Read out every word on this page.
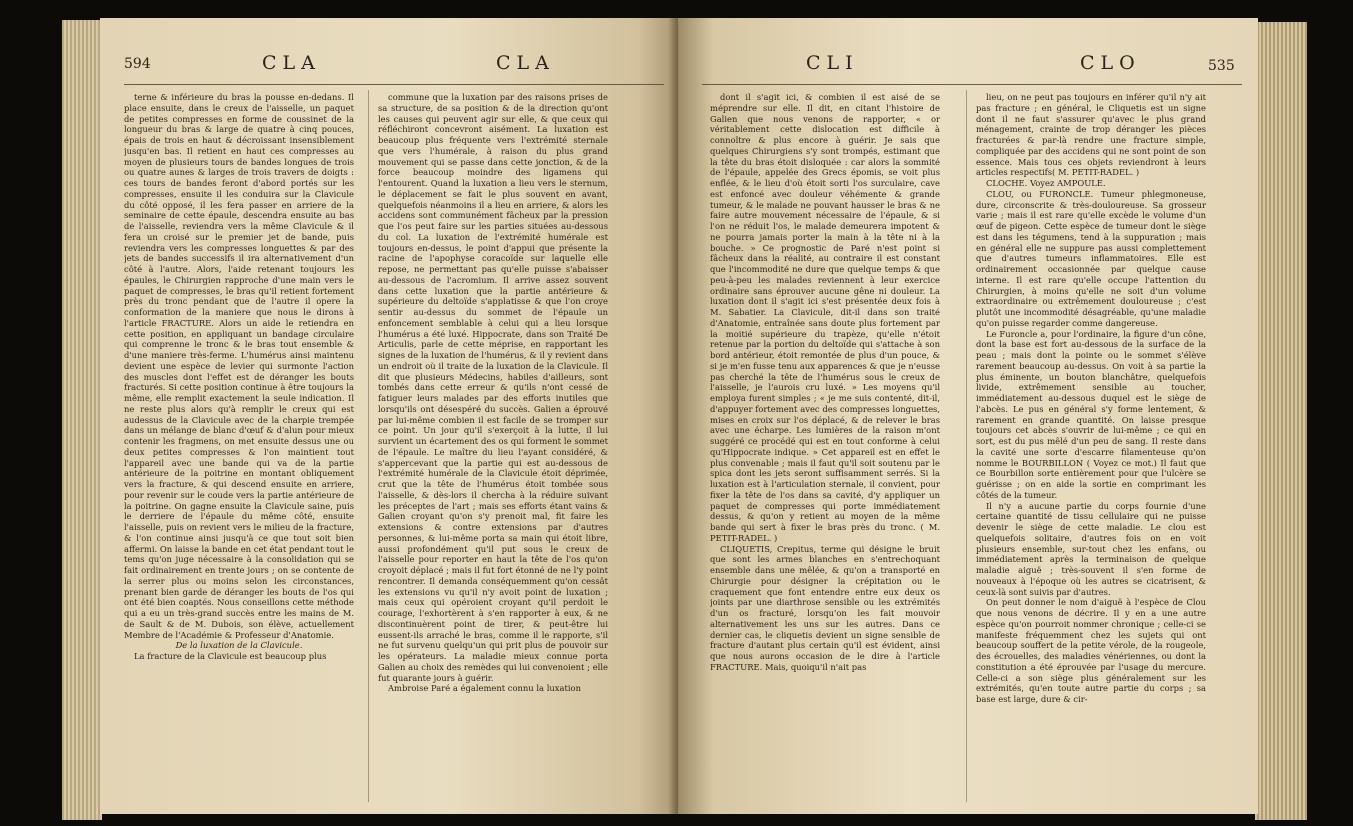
594	CLA	CLA

terne & inférieure du bras la pousse en-dedans. Il place ensuite, dans le creux de l'aisselle, un paquet de petites compresses en forme de coussinet de la longueur du bras & large de quatre à cinq pouces, épais de trois en haut & décroissant insensiblement jusqu'en bas. Il retient en haut ces compresses au moyen de plusieurs tours de bandes longues de trois ou quatre aunes & larges de trois travers de doigts : ces tours de bandes feront d'abord portés sur les compresses, ensuite il les conduira sur la Clavicule du côté opposé, il les fera passer en arriere de la seminaire de cette épaule, descendra ensuite au bas de l'aisselle, reviendra vers la même Clavicule & il fera un croisé sur le premier jet de bande, puis reviendra vers les compresses longuettes & par des jets de bandes successifs il ira alternativement d'un côté à l'autre. Alors, l'aide retenant toujours les épaules, le Chirurgien rapproche d'une main vers le paquet de compresses, le bras qu'il retient fortement près du tronc pendant que de l'autre il opere la conformation de la maniere que nous le dirons à l'article FRACTURE. Alors un aide le retiendra en cette position, en appliquant un bandage circulaire qui comprenne le tronc & le bras tout ensemble & d'une maniere très-ferme. L'humérus ainsi maintenu devient une espèce de levier qui surmonte l'action des muscles dont l'effet est de déranger les bouts fracturés. Si cette position continue à être toujours la même, elle remplit exactement la seule indication. Il ne reste plus alors qu'à remplir le creux qui est audessus de la Clavicule avec de la charpie trempée dans un mélange de blanc d'œuf & d'alun pour mieux contenir les fragmens, on met ensuite dessus une ou deux petites compresses & l'on maintient tout l'appareil avec une bande qui va de la partie antérieure de la poitrine en montant obliquement vers la fracture, & qui descend ensuite en arriere, pour revenir sur le coude vers la partie antérieure de la poitrine. On gagne ensuite la Clavicule saine, puis le derriere de l'épaule du même côté, ensuite l'aisselle, puis on revient vers le milieu de la fracture, & l'on continue ainsi jusqu'à ce que tout soit bien affermi. On laisse la bande en cet état pendant tout le tems qu'on juge nécessaire à la consolidation qui se fait ordinairement en trente jours ; on se contente de la serrer plus ou moins selon les circonstances, prenant bien garde de déranger les bouts de l'os qui ont été bien coaptés. Nous conseillons cette méthode qui a eu un très-grand succès entre les mains de M. de Sault & de M. Dubois, son élève, actuellement Membre de l'Académie & Professeur d'Anatomie.

De la luxation de la Clavicule.

La fracture de la Clavicule est beaucoup plus

commune que la luxation par des raisons prises de sa structure, de sa position & de la direction qu'ont les causes qui peuvent agir sur elle, & que ceux qui réfléchiront concevront aisément. La luxation est beaucoup plus fréquente vers l'extrémité sternale que vers l'humérale, à raison du plus grand mouvement qui se passe dans cette jonction, & de la force beaucoup moindre des ligamens qui l'entourent. Quand la luxation a lieu vers le sternum, le déplacement se fait le plus souvent en avant, quelquefois néanmoins il a lieu en arriere, & alors les accidens sont communément fâcheux par la pression que l'os peut faire sur les parties situées au-dessous du col. La luxation de l'extrémité humérale est toujours en-dessus, le point d'appui que présente la racine de l'apophyse coracoïde sur laquelle elle repose, ne permettant pas qu'elle puisse s'abaisser au-dessous de l'acromium. Il arrive assez souvent dans cette luxation que la partie antérieure & supérieure du deltoïde s'applatisse & que l'on croye sentir au-dessus du sommet de l'épaule un enfoncement semblable à celui qui a lieu lorsque l'humérus a été luxé. Hippocrate, dans son Traité De Articulis, parle de cette méprise, en rapportant les signes de la luxation de l'humérus, & il y revient dans un endroit où il traite de la luxation de la Clavicule. Il dit que plusieurs Médecins, habiles d'ailleurs, sont tombés dans cette erreur & qu'ils n'ont cessé de fatiguer leurs malades par des efforts inutiles que lorsqu'ils ont désespéré du succès. Galien a éprouvé par lui-même combien il est facile de se tromper sur ce point. Un jour qu'il s'exerçoit à la lutte, il lui survient un écartement des os qui forment le sommet de l'épaule. Le maître du lieu l'ayant considéré, & s'appercevant que la partie qui est au-dessous de l'extrémité humérale de la Clavicule étoit déprimée, crut que la tête de l'humérus étoit tombée sous l'aisselle, & dès-lors il chercha à la réduire suivant les préceptes de l'art ; mais ses efforts étant vains & Galien croyant qu'on s'y prenoit mal, fit faire les extensions & contre extensions par d'autres personnes, & lui-même porta sa main qui étoit libre, aussi profondément qu'il put sous le creux de l'aisselle pour reporter en haut la tête de l'os qu'on croyoit déplacé ; mais il fut fort étonné de ne l'y point rencontrer. Il demanda conséquemment qu'on cessât les extensions vu qu'il n'y avoit point de luxation ; mais ceux qui opéroient croyant qu'il perdoit le courage, l'exhortèrent à s'en rapporter à eux, & ne discontinuèrent point de tirer, & peut-être lui eussent-ils arraché le bras, comme il le rapporte, s'il ne fut survenu quelqu'un qui prit plus de pouvoir sur les opérateurs. La maladie mieux connue porta Galien au choix des remèdes qui lui convenoient ; elle fut quarante jours à guérir.

Ambroise Paré a également connu la luxation

CLI	CLO	535

dont il s'agit ici, & combien il est aisé de se méprendre sur elle. Il dit, en citant l'histoire de Galien que nous venons de rapporter, « or véritablement cette dislocation est difficile à connoître & plus encore à guérir. Je sais que quelques Chirurgiens s'y sont trompés, estimant que la tête du bras étoit disloquée : car alors la sommité de l'épaule, appelée des Grecs épomis, se voit plus enflée, & le lieu d'où étoit sorti l'os surculaire, cave est enfoncé avec douleur véhémente & grande tumeur, & le malade ne pouvant hausser le bras & ne faire autre mouvement nécessaire de l'épaule, & si l'on ne réduit l'os, le malade demeurera impotent & ne pourra jamais porter la main à la tête ni à la bouche. » Ce prognostic de Paré n'est point si fâcheux dans la réalité, au contraire il est constant que l'incommodité ne dure que quelque temps & que peu-à-peu les malades reviennent à leur exercice ordinaire sans éprouver aucune gêne ni douleur. La luxation dont il s'agit ici s'est présentée deux fois à M. Sabatier. La Clavicule, dit-il dans son traité d'Anatomie, entraînée sans doute plus fortement par la moitié supérieure du trapèze, qu'elle n'étoit retenue par la portion du deltoïde qui s'attache à son bord antérieur, étoit remontée de plus d'un pouce, & si je m'en fusse tenu aux apparences & que je n'eusse pas cherché la tête de l'humérus sous le creux de l'aisselle, je l'aurois cru luxé. » Les moyens qu'il employa furent simples ; « je me suis contenté, dit-il, d'appuyer fortement avec des compresses longuettes, mises en croix sur l'os déplacé, & de relever le bras avec une écharpe. Les lumières de la raison m'ont suggéré ce procédé qui est en tout conforme à celui qu'Hippocrate indique. » Cet appareil est en effet le plus convenable ; mais il faut qu'il soit soutenu par le spica dont les jets seront suffisamment serrés. Si la luxation est à l'articulation sternale, il convient, pour fixer la tête de l'os dans sa cavité, d'y appliquer un paquet de compresses qui porte immédiatement dessus, & qu'on y retient au moyen de la même bande qui sert à fixer le bras près du tronc. ( M. PETIT-RADEL. )

CLIQUETIS, Crepitus, terme qui désigne le bruit que sont les armes blanches en s'entrechoquant ensemble dans une mêlée, & qu'on a transporté en Chirurgie pour désigner la crépitation ou le craquement que font entendre entre eux deux os joints par une diarthrose sensible ou les extrémités d'un os fracturé, lorsqu'on les fait mouvoir alternativement les uns sur les autres. Dans ce dernier cas, le cliquetis devient un signe sensible de fracture d'autant plus certain qu'il est évident, ainsi que nous aurons occasion de le dire à l'article FRACTURE. Mais, quoiqu'il n'ait pas

lieu, on ne peut pas toujours en inférer qu'il n'y ait pas fracture ; en général, le Cliquetis est un signe dont il ne faut s'assurer qu'avec le plus grand ménagement, crainte de trop déranger les pièces fracturées & par-là rendre une fracture simple, compliquée par des accidens qui ne sont point de son essence. Mais tous ces objets reviendront à leurs articles respectifs( M. PETIT-RADEL. )

CLOCHE. Voyez AMPOULE.

CLOU, ou FURONCLE. Tumeur phlegmoneuse, dure, circonscrite & très-douloureuse. Sa grosseur varie ; mais il est rare qu'elle excède le volume d'un œuf de pigeon. Cette espèce de tumeur dont le siège est dans les tégumens, tend à la suppuration ; mais en général elle ne suppure pas aussi complettement que d'autres tumeurs inflammatoires. Elle est ordinairement occasionnée par quelque cause interne. Il est rare qu'elle occupe l'attention du Chirurgien, à moins qu'elle ne soit d'un volume extraordinaire ou extrêmement douloureuse ; c'est plutôt une incommodité désagréable, qu'une maladie qu'on puisse regarder comme dangereuse.

Le Furoncle a, pour l'ordinaire, la figure d'un cône, dont la base est fort au-dessous de la surface de la peau ; mais dont la pointe ou le sommet s'élève rarement beaucoup au-dessus. On voit à sa partie la plus éminente, un bouton blanchâtre, quelquefois livide, extrêmement sensible au toucher, immédiatement au-dessous duquel est le siège de l'abcès. Le pus en général s'y forme lentement, & rarement en grande quantité. On laisse presque toujours cet abcès s'ouvrir de lui-même ; ce qui en sort, est du pus mêlé d'un peu de sang. Il reste dans la cavité une sorte d'escarre filamenteuse qu'on nomme le BOURBILLON ( Voyez ce mot.) Il faut que ce Bourbillon sorte entièrement pour que l'ulcère se guérisse ; on en aide la sortie en comprimant les côtés de la tumeur.

Il n'y a aucune partie du corps fournie d'une certaine quantité de tissu cellulaire qui ne puisse devenir le siège de cette maladie. Le clou est quelquefois solitaire, d'autres fois on en voit plusieurs ensemble, sur-tout chez les enfans, ou immédiatement après la terminaison de quelque maladie aiguë ; très-souvent il s'en forme de nouveaux à l'époque où les autres se cicatrisent, & ceux-là sont suivis par d'autres.

On peut donner le nom d'aiguë à l'espèce de Clou que nous venons de décrire. Il y en a une autre espèce qu'on pourroit nommer chronique ; celle-ci se manifeste fréquemment chez les sujets qui ont beaucoup souffert de la petite vérole, de la rougeole, des écrouelles, des maladies vénériennes, ou dont la constitution a été éprouvée par l'usage du mercure. Celle-ci a son siège plus généralement sur les extrémités, qu'en toute autre partie du corps ; sa base est large, dure & cir-
